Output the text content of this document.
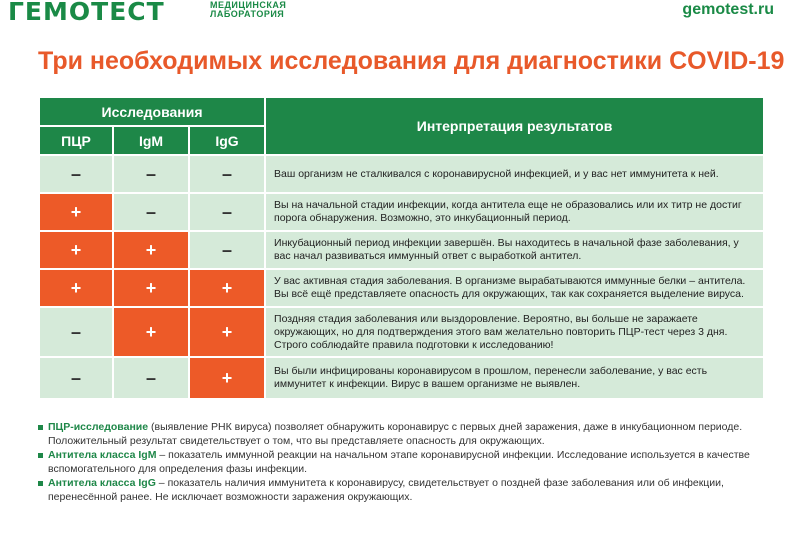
ГЕМОТЕСТ	МЕДИЦИНСКАЯ
ЛАБОРАТОРИЯ	gemotest.ru
Три необходимых исследования для диагностики COVID-19
Исследования			Интерпретация результатов
ПЦР	IgM	IgG	
–	–	–	Ваш организм не сталкивался с коронавирусной инфекцией, и у вас нет иммунитета к ней.
+	–	–	Вы на начальной стадии инфекции, когда антитела еще не образовались или их титр не достиг порога обнаружения. Возможно, это инкубационный период.
+	+	–	Инкубационный период инфекции завершён. Вы находитесь в начальной фазе заболевания, у вас начал развиваться иммунный ответ с выработкой антител.
+	+	+	У вас активная стадия заболевания. В организме вырабатываются иммунные белки – антитела. Вы всё ещё представляете опасность для окружающих, так как сохраняется выделение вируса.
–	+	+	Поздняя стадия заболевания или выздоровление. Вероятно, вы больше не заражаете окружающих, но для подтверждения этого вам желательно повторить ПЦР-тест через 3 дня. Строго соблюдайте правила подготовки к исследованию!
–	–	+	Вы были инфицированы коронавирусом в прошлом, перенесли заболевание, у вас есть иммунитет к инфекции. Вирус в вашем организме не выявлен.
ПЦР-исследование (выявление РНК вируса) позволяет обнаружить коронавирус с первых дней заражения, даже в инкубационном периоде. Положительный результат свидетельствует о том, что вы представляете опасность для окружающих.
Антитела класса IgM – показатель иммунной реакции на начальном этапе коронавирусной инфекции. Исследование используется в качестве вспомогательного для определения фазы инфекции.
Антитела класса IgG – показатель наличия иммунитета к коронавирусу, свидетельствует о поздней фазе заболевания или об инфекции, перенесённой ранее. Не исключает возможности заражения окружающих.
